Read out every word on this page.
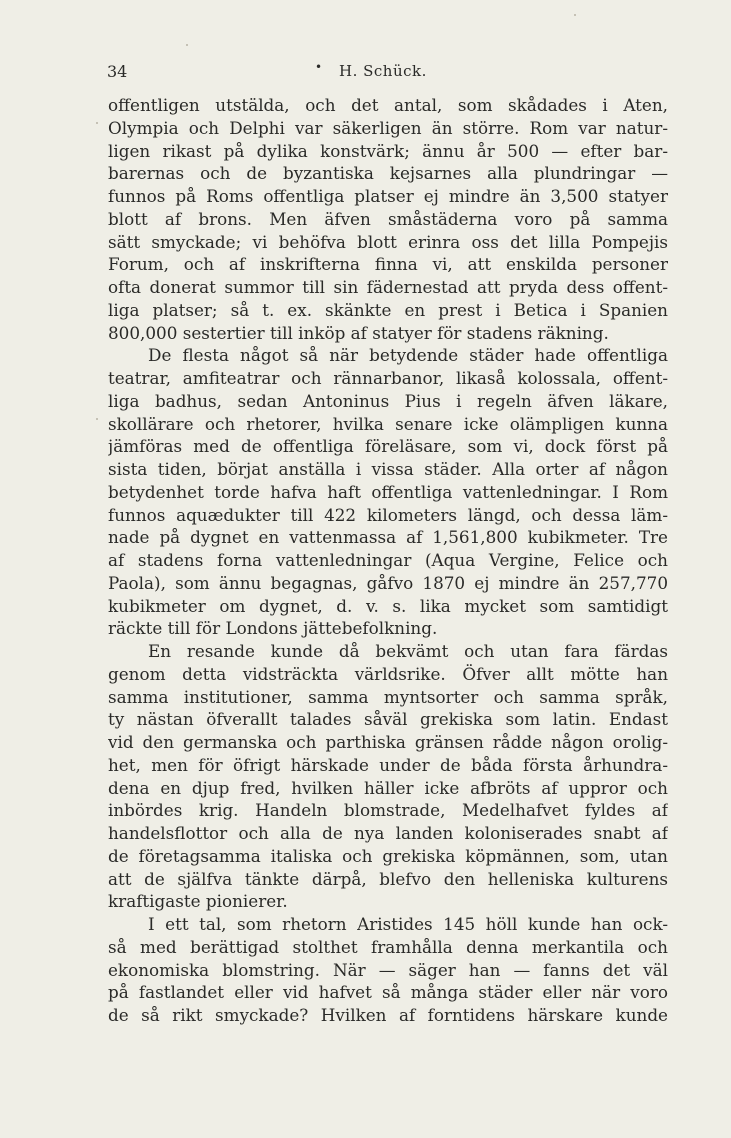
34	• H. Schück.
offentligen utstälda, och det antal, som skådades i Aten,
Olympia och Delphi var säkerligen än större. Rom var natur-
ligen rikast på dylika konstvärk; ännu år 500 — efter bar-
barernas och de byzantiska kejsarnes alla plundringar —
funnos på Roms offentliga platser ej mindre än 3,500 statyer
blott af brons. Men äfven småstäderna voro på samma
sätt smyckade; vi behöfva blott erinra oss det lilla Pompejis
Forum, och af inskrifterna finna vi, att enskilda personer
ofta donerat summor till sin fädernestad att pryda dess offent-
liga platser; så t. ex. skänkte en prest i Betica i Spanien
800,000 sestertier till inköp af statyer för stadens räkning.
De flesta något så när betydende städer hade offentliga
teatrar, amfiteatrar och rännarbanor, likaså kolossala, offent-
liga badhus, sedan Antoninus Pius i regeln äfven läkare,
skollärare och rhetorer, hvilka senare icke olämpligen kunna
jämföras med de offentliga föreläsare, som vi, dock först på
sista tiden, börjat anställa i vissa städer. Alla orter af någon
betydenhet torde hafva haft offentliga vattenledningar. I Rom
funnos aquædukter till 422 kilometers längd, och dessa läm-
nade på dygnet en vattenmassa af 1,561,800 kubikmeter. Tre
af stadens forna vattenledningar (Aqua Vergine, Felice och
Paola), som ännu begagnas, gåfvo 1870 ej mindre än 257,770
kubikmeter om dygnet, d. v. s. lika mycket som samtidigt
räckte till för Londons jättebefolkning.
En resande kunde då bekvämt och utan fara färdas
genom detta vidsträckta världsrike. Öfver allt mötte han
samma institutioner, samma myntsorter och samma språk,
ty nästan öfverallt talades såväl grekiska som latin. Endast
vid den germanska och parthiska gränsen rådde någon orolig-
het, men för öfrigt härskade under de båda första århundra-
dena en djup fred, hvilken häller icke afbröts af uppror och
inbördes krig. Handeln blomstrade, Medelhafvet fyldes af
handelsflottor och alla de nya landen koloniserades snabt af
de företagsamma italiska och grekiska köpmännen, som, utan
att de själfva tänkte därpå, blefvo den helleniska kulturens
kraftigaste pionierer.
I ett tal, som rhetorn Aristides 145 höll kunde han ock-
så med berättigad stolthet framhålla denna merkantila och
ekonomiska blomstring. När — säger han — fanns det väl
på fastlandet eller vid hafvet så många städer eller när voro
de så rikt smyckade? Hvilken af forntidens härskare kunde
